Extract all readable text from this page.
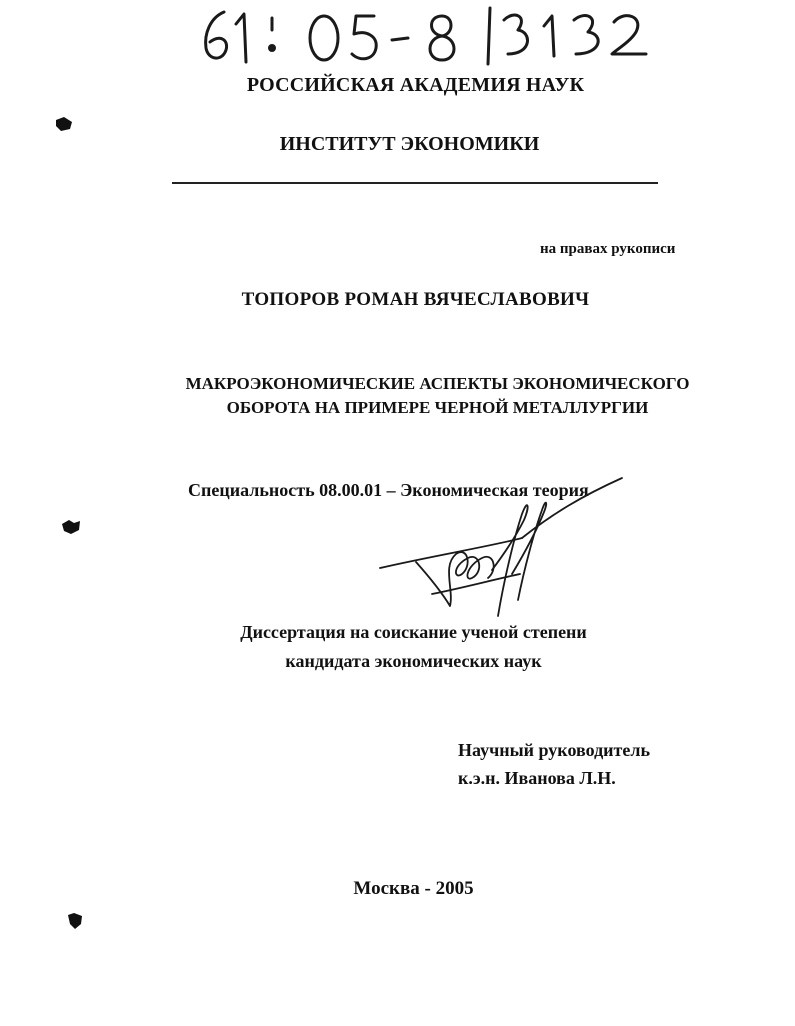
РОССИЙСКАЯ АКАДЕМИЯ НАУК
ИНСТИТУТ ЭКОНОМИКИ
на правах рукописи
ТОПОРОВ РОМАН ВЯЧЕСЛАВОВИЧ
МАКРОЭКОНОМИЧЕСКИЕ АСПЕКТЫ ЭКОНОМИЧЕСКОГО
ОБОРОТА НА ПРИМЕРЕ ЧЕРНОЙ МЕТАЛЛУРГИИ
Специальность 08.00.01 – Экономическая теория
Диссертация на соискание ученой степени
кандидата экономических наук
Научный руководитель
к.э.н. Иванова Л.Н.
Москва - 2005
